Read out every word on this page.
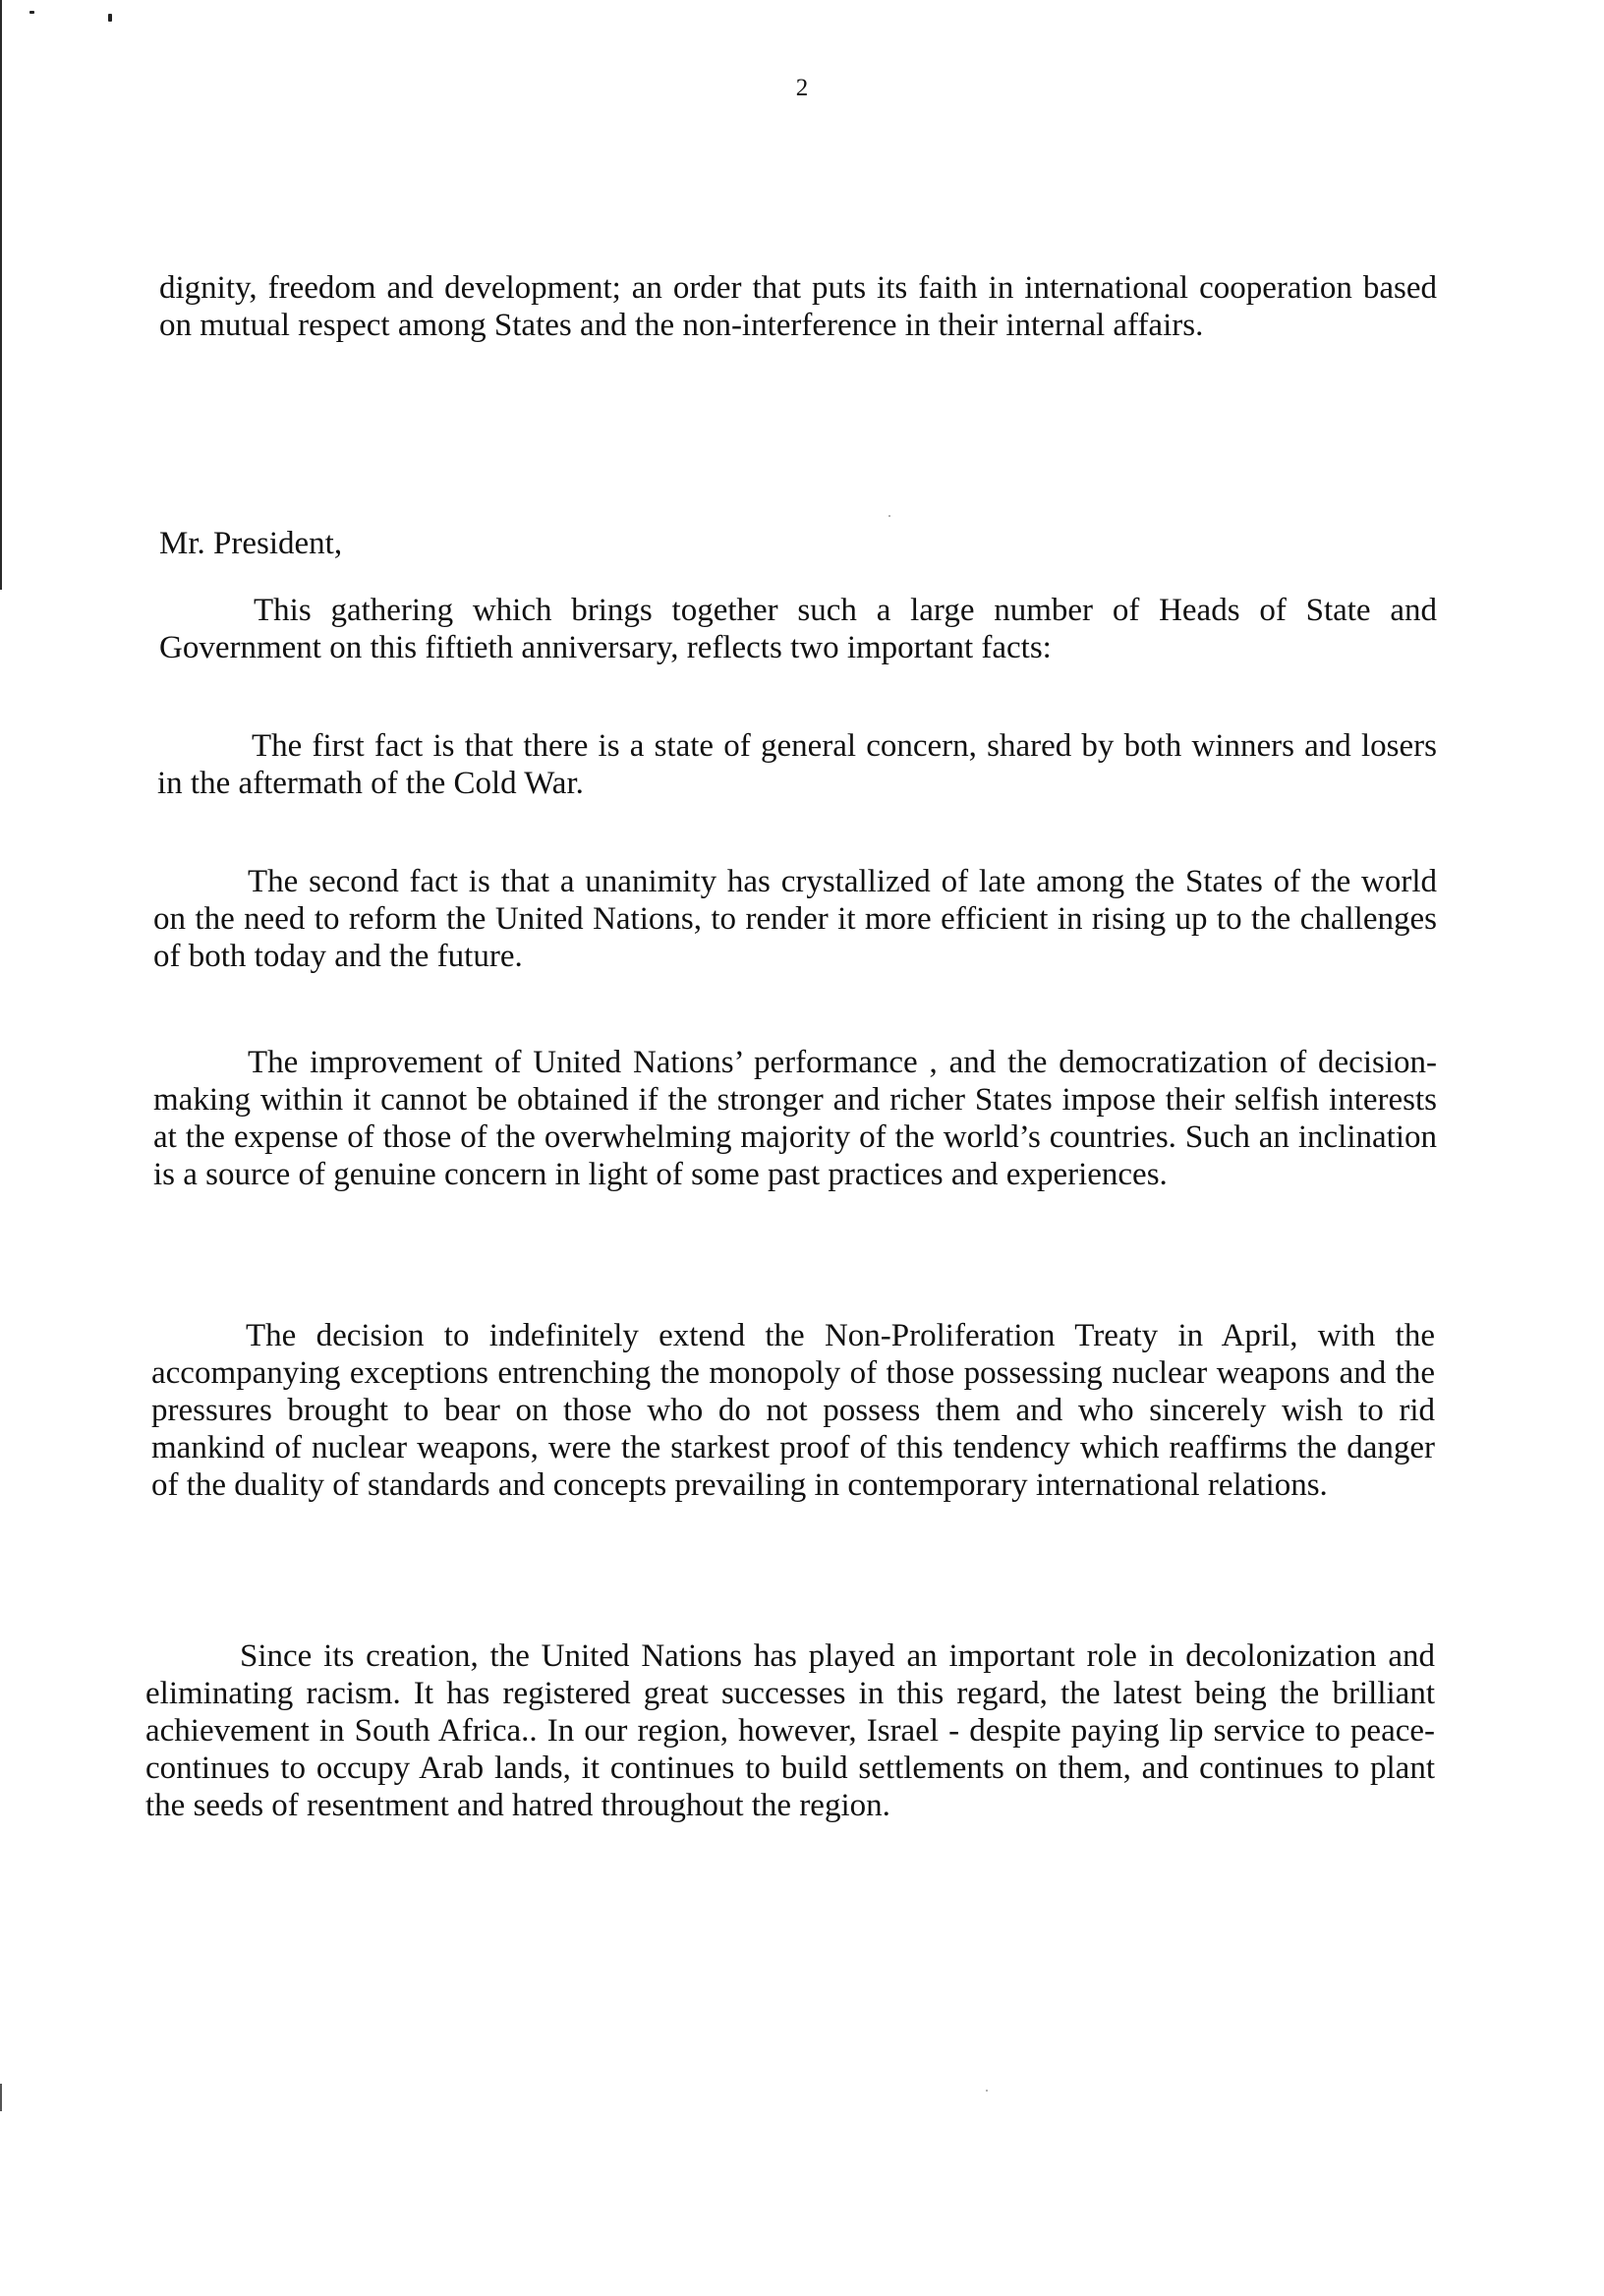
2

dignity, freedom and development; an order that puts its faith in international cooperation based on mutual respect among States and the non-interference in their internal affairs.

Mr. President,

This gathering which brings together such a large number of Heads of State and Government on this fiftieth anniversary, reflects two important facts:

The first fact is that there is a state of general concern, shared by both winners and losers in the aftermath of the Cold War.

The second fact is that a unanimity has crystallized of late among the States of the world on the need to reform the United Nations, to render it more efficient in rising up to the challenges of both today and the future.

The improvement of United Nations’ performance , and the democratization of decision-making within it cannot be obtained if the stronger and richer States impose their selfish interests at the expense of those of the overwhelming majority of the world’s countries. Such an inclination is a source of genuine concern in light of some past practices and experiences.

The decision to indefinitely extend the Non-Proliferation Treaty in April, with the accompanying exceptions entrenching the monopoly of those possessing nuclear weapons and the pressures brought to bear on those who do not possess them and who sincerely wish to rid mankind of nuclear weapons, were the starkest proof of this tendency which reaffirms the danger of the duality of standards and concepts prevailing in contemporary international relations.

Since its creation, the United Nations has played an important role in decolonization and eliminating racism. It has registered great successes in this regard, the latest being the brilliant achievement in South Africa.. In our region, however, Israel - despite paying lip service to peace- continues to occupy Arab lands, it continues to build settlements on them, and continues to plant the seeds of resentment and hatred throughout the region.
